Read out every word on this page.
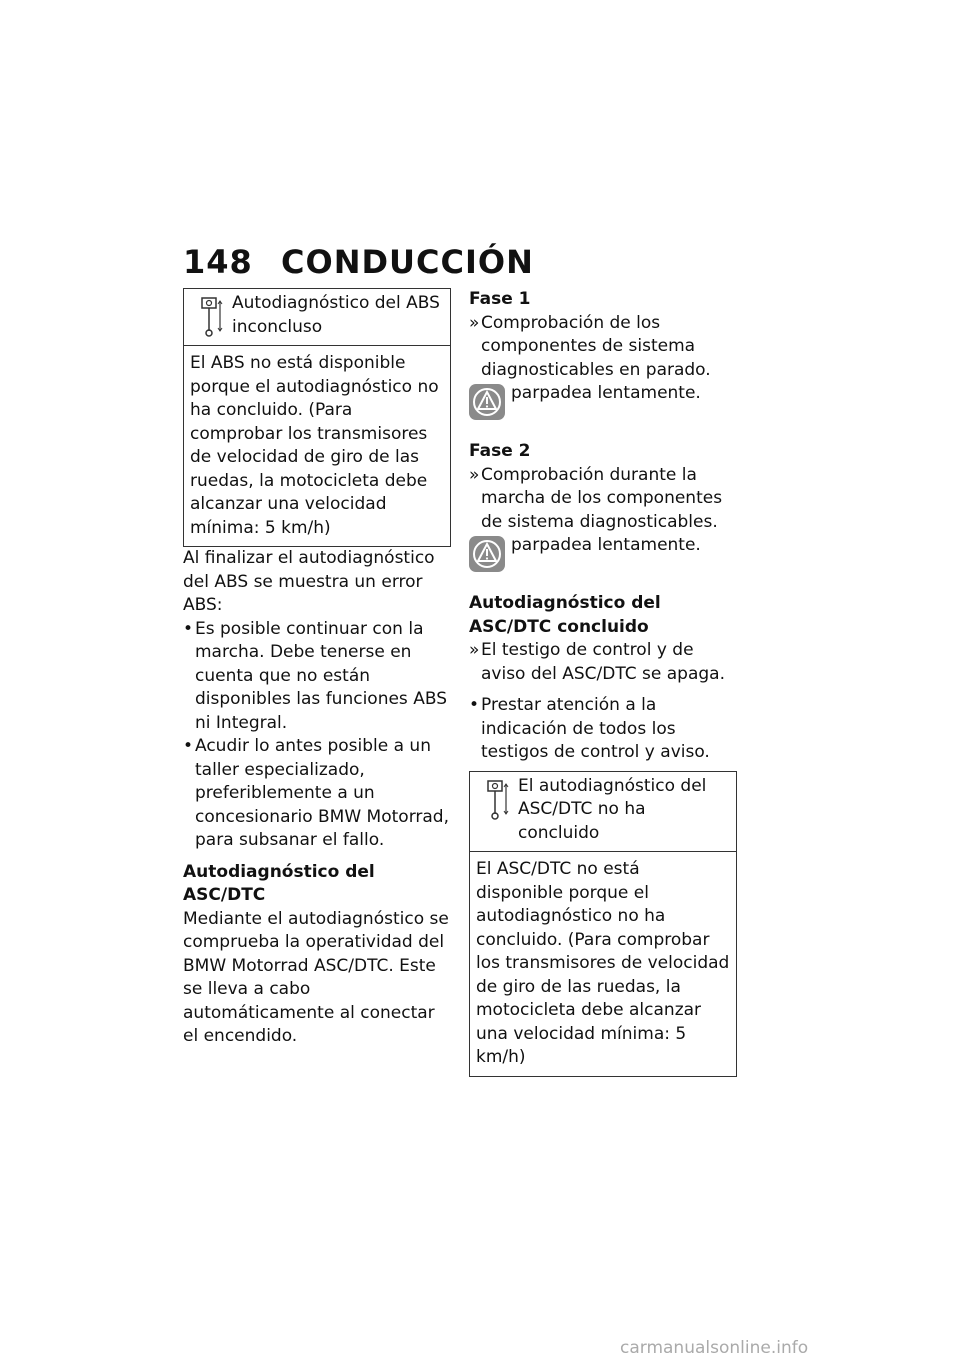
148 CONDUCCIÓN

Autodiagnóstico del ABS inconcluso

El ABS no está disponible porque el autodiagnóstico no ha concluido. (Para comprobar los transmisores de velocidad de giro de las ruedas, la motocicleta debe alcanzar una velocidad mínima: 5 km/h)

Al finalizar el autodiagnóstico del ABS se muestra un error ABS:

• Es posible continuar con la marcha. Debe tenerse en cuenta que no están disponibles las funciones ABS ni Integral.
• Acudir lo antes posible a un taller especializado, preferiblemente a un concesionario BMW Motorrad, para subsanar el fallo.

Autodiagnóstico del ASC/DTC

Mediante el autodiagnóstico se comprueba la operatividad del BMW Motorrad ASC/DTC. Este se lleva a cabo automáticamente al conectar el encendido.

Fase 1

» Comprobación de los componentes de sistema diagnosticables en parado.
parpadea lentamente.

Fase 2

» Comprobación durante la marcha de los componentes de sistema diagnosticables.
parpadea lentamente.

Autodiagnóstico del ASC/DTC concluido

» El testigo de control y de aviso del ASC/DTC se apaga.
• Prestar atención a la indicación de todos los testigos de control y aviso.

El autodiagnóstico del ASC/DTC no ha concluido

El ASC/DTC no está disponible porque el autodiagnóstico no ha concluido. (Para comprobar los transmisores de velocidad de giro de las ruedas, la motocicleta debe alcanzar una velocidad mínima: 5 km/h)
carmanualsonline.info
